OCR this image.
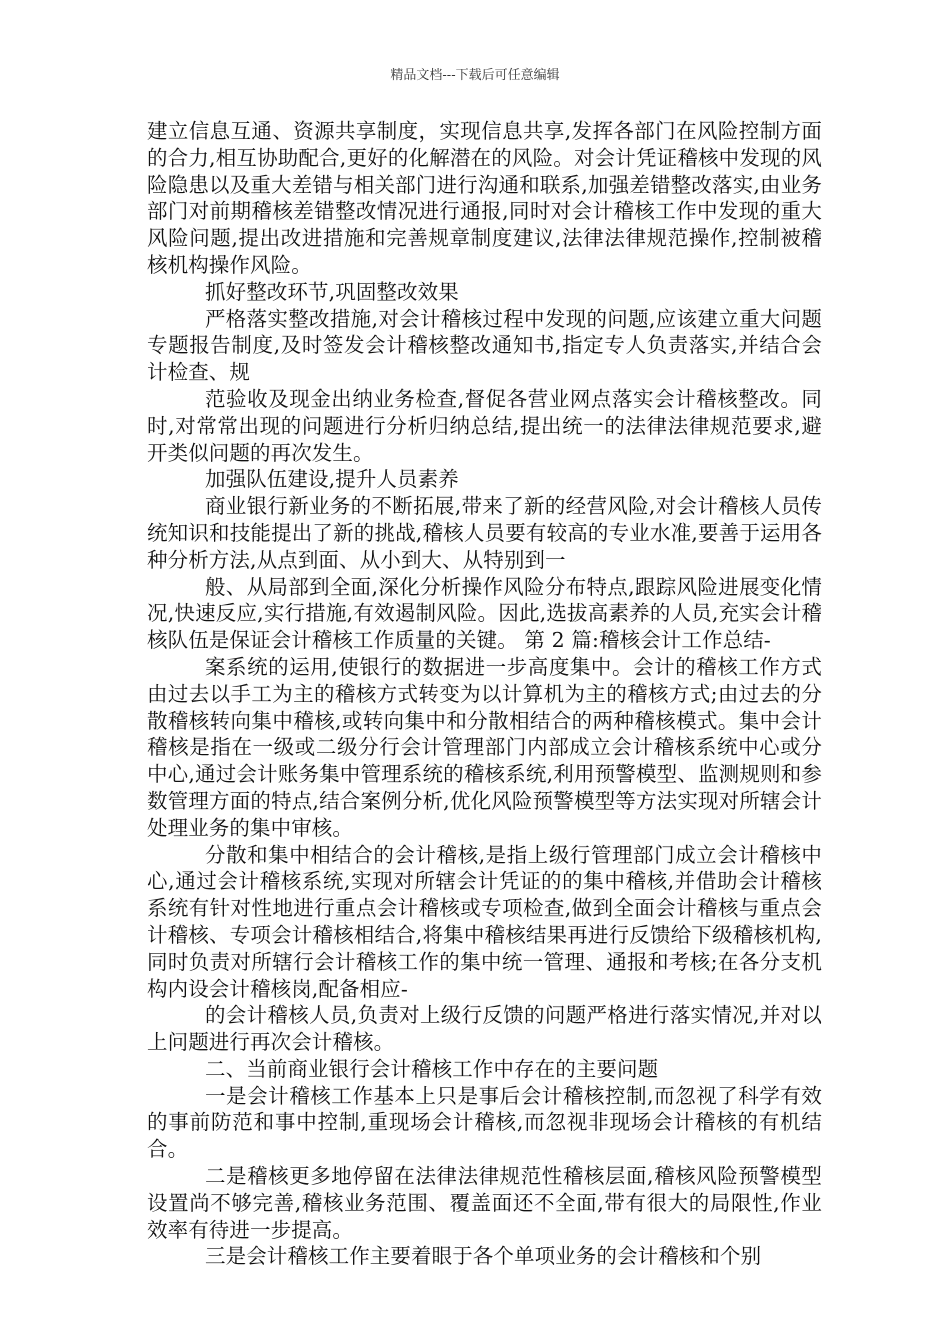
精品文档---下载后可任意编辑

建立信息互通、资源共享制度，实现信息共享,发挥各部门在风险控制方面的合力,相互协助配合,更好的化解潜在的风险。对会计凭证稽核中发现的风险隐患以及重大差错与相关部门进行沟通和联系,加强差错整改落实,由业务部门对前期稽核差错整改情况进行通报,同时对会计稽核工作中发现的重大风险问题,提出改进措施和完善规章制度建议,法律法律规范操作,控制被稽核机构操作风险。

抓好整改环节,巩固整改效果

严格落实整改措施,对会计稽核过程中发现的问题,应该建立重大问题专题报告制度,及时签发会计稽核整改通知书,指定专人负责落实,并结合会计检查、规

范验收及现金出纳业务检查,督促各营业网点落实会计稽核整改。同时,对常常出现的问题进行分析归纳总结,提出统一的法律法律规范要求,避开类似问题的再次发生。

加强队伍建设,提升人员素养

商业银行新业务的不断拓展,带来了新的经营风险,对会计稽核人员传统知识和技能提出了新的挑战,稽核人员要有较高的专业水准,要善于运用各种分析方法,从点到面、从小到大、从特别到一

般、从局部到全面,深化分析操作风险分布特点,跟踪风险进展变化情况,快速反应,实行措施,有效遏制风险。因此,选拔高素养的人员,充实会计稽核队伍是保证会计稽核工作质量的关键。 第 2 篇:稽核会计工作总结-

案系统的运用,使银行的数据进一步高度集中。会计的稽核工作方式由过去以手工为主的稽核方式转变为以计算机为主的稽核方式;由过去的分散稽核转向集中稽核,或转向集中和分散相结合的两种稽核模式。集中会计稽核是指在一级或二级分行会计管理部门内部成立会计稽核系统中心或分中心,通过会计账务集中管理系统的稽核系统,利用预警模型、监测规则和参数管理方面的特点,结合案例分析,优化风险预警模型等方法实现对所辖会计处理业务的集中审核。

分散和集中相结合的会计稽核,是指上级行管理部门成立会计稽核中心,通过会计稽核系统,实现对所辖会计凭证的的集中稽核,并借助会计稽核系统有针对性地进行重点会计稽核或专项检查,做到全面会计稽核与重点会计稽核、专项会计稽核相结合,将集中稽核结果再进行反馈给下级稽核机构,同时负责对所辖行会计稽核工作的集中统一管理、通报和考核;在各分支机构内设会计稽核岗,配备相应-

的会计稽核人员,负责对上级行反馈的问题严格进行落实情况,并对以上问题进行再次会计稽核。

二、当前商业银行会计稽核工作中存在的主要问题

一是会计稽核工作基本上只是事后会计稽核控制,而忽视了科学有效的事前防范和事中控制,重现场会计稽核,而忽视非现场会计稽核的有机结合。

二是稽核更多地停留在法律法律规范性稽核层面,稽核风险预警模型设置尚不够完善,稽核业务范围、覆盖面还不全面,带有很大的局限性,作业效率有待进一步提高。

三是会计稽核工作主要着眼于各个单项业务的会计稽核和个别
